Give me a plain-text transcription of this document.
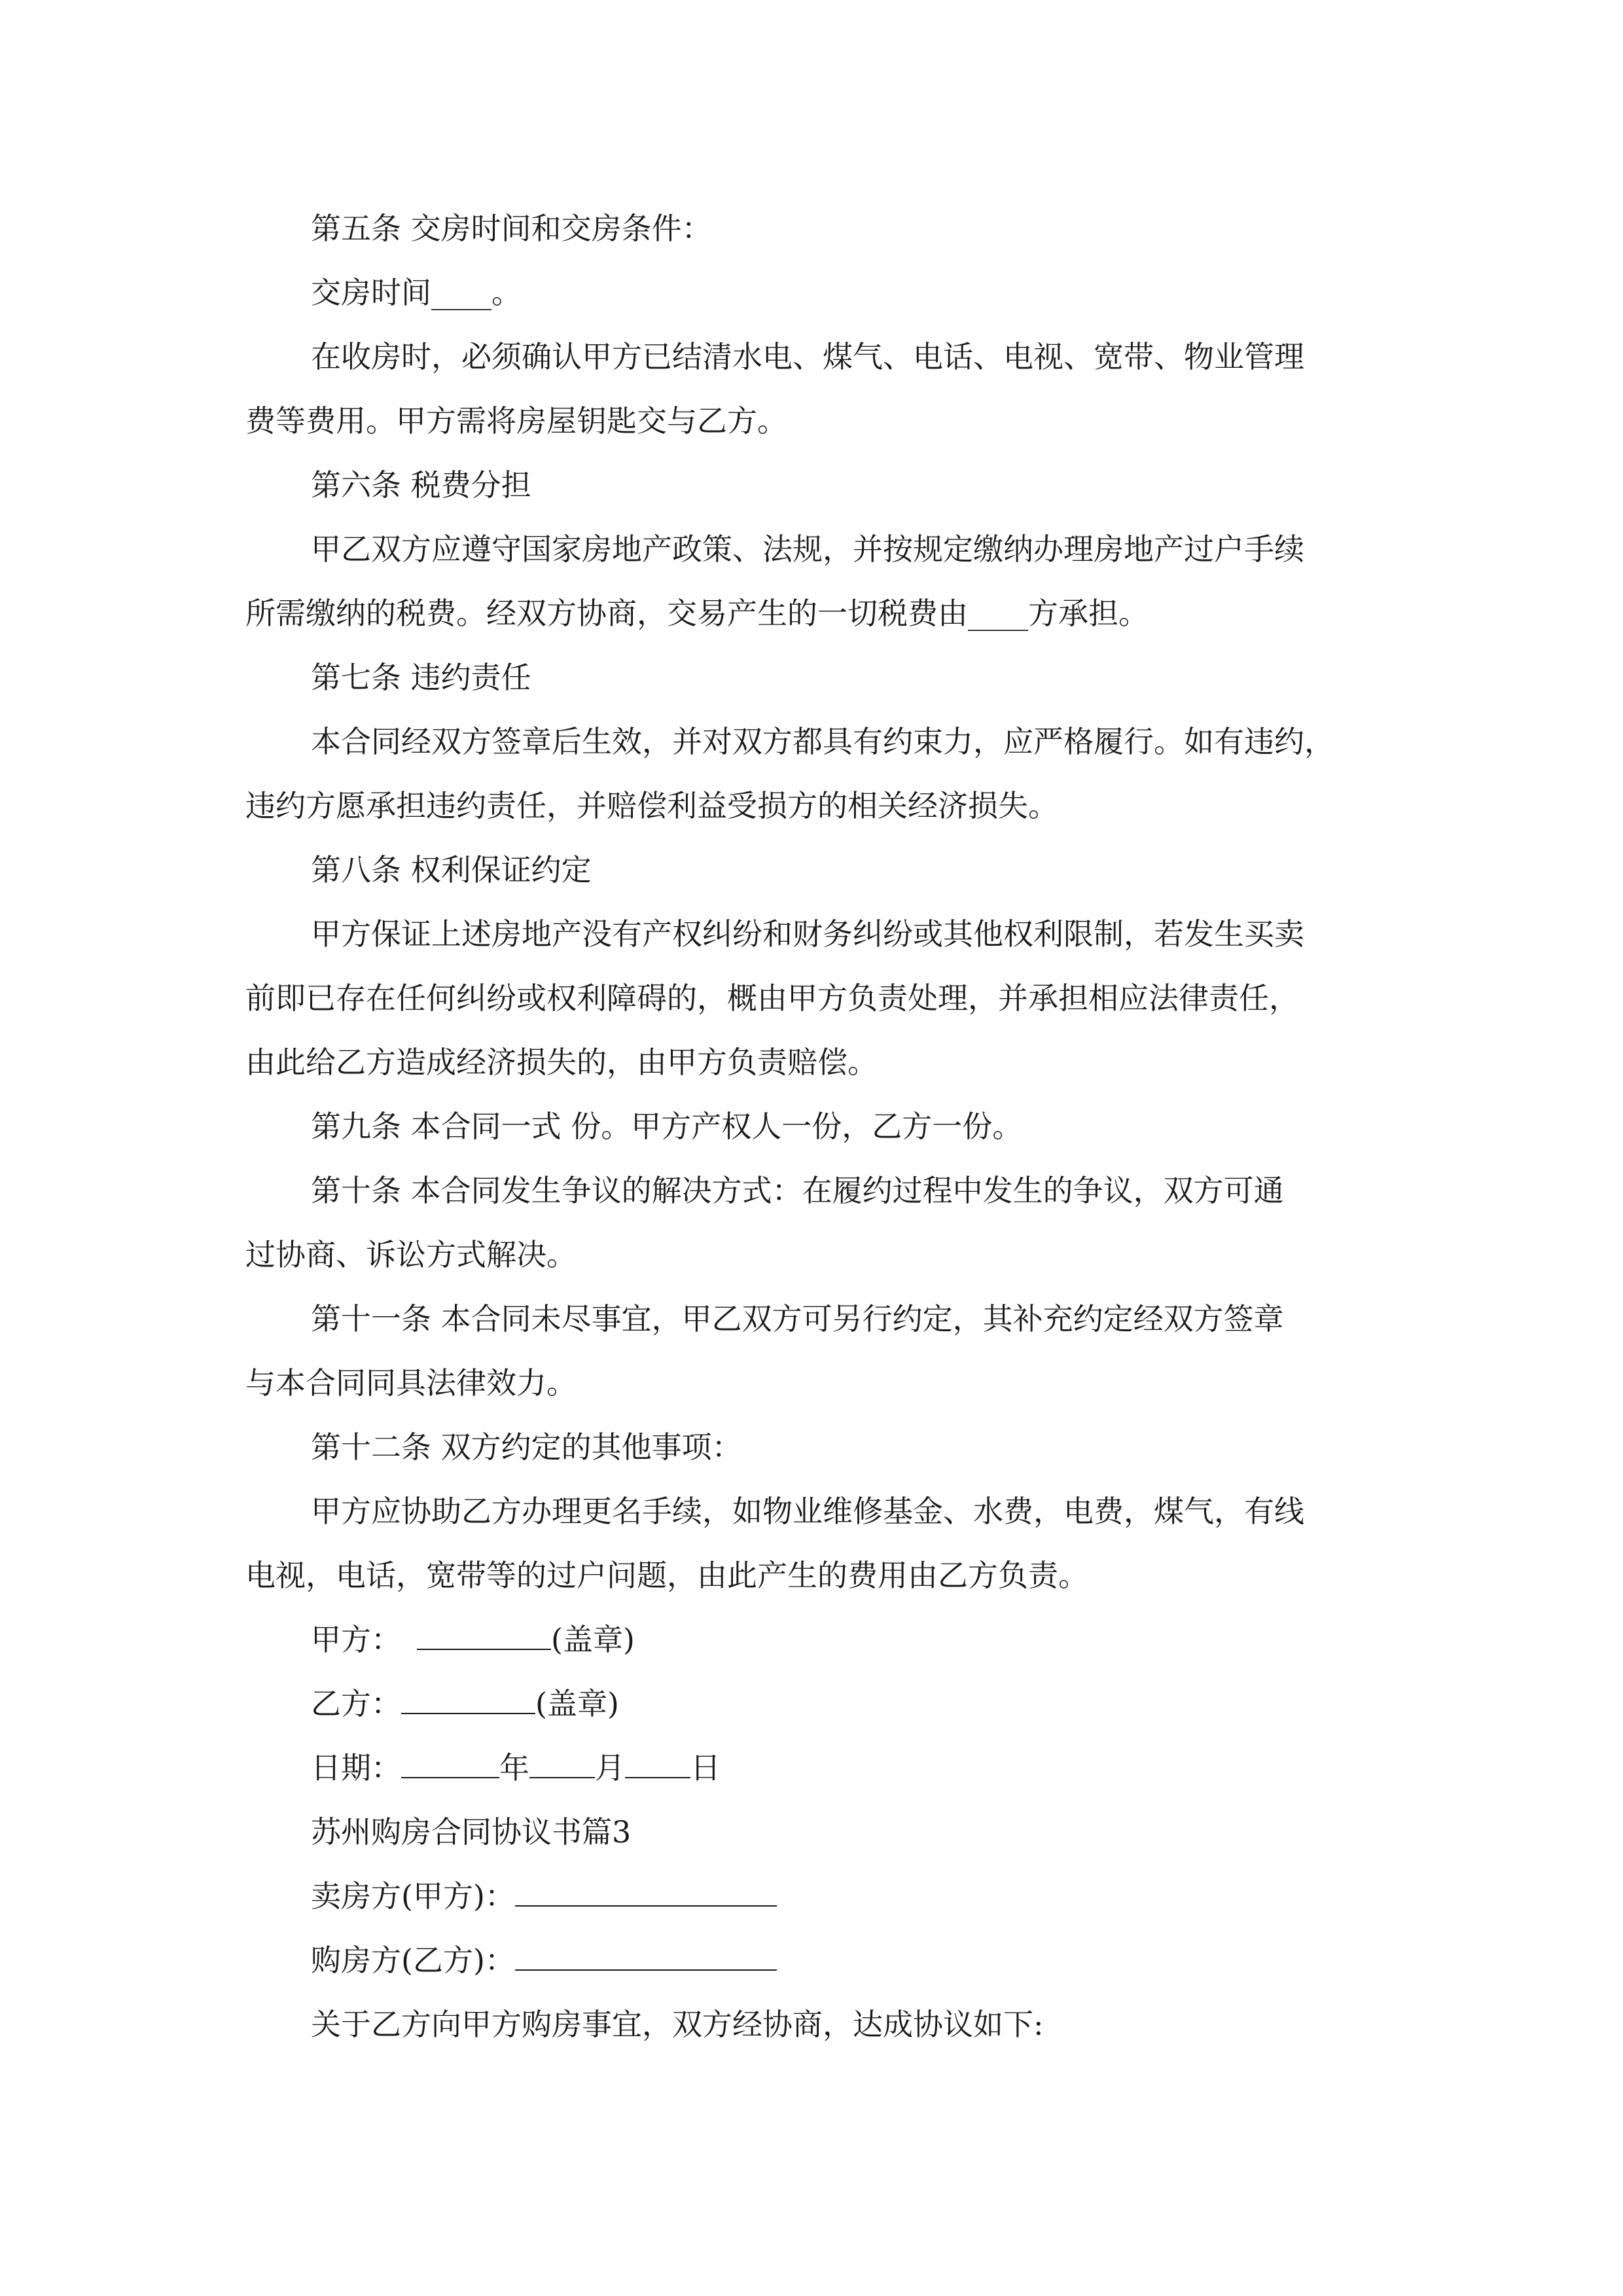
第五条 交房时间和交房条件：

交房时间____。

在收房时，必须确认甲方已结清水电、煤气、电话、电视、宽带、物业管理

费等费用。甲方需将房屋钥匙交与乙方。

第六条 税费分担

甲乙双方应遵守国家房地产政策、法规，并按规定缴纳办理房地产过户手续

所需缴纳的税费。经双方协商，交易产生的一切税费由____方承担。

第七条 违约责任

本合同经双方签章后生效，并对双方都具有约束力，应严格履行。如有违约，

违约方愿承担违约责任，并赔偿利益受损方的相关经济损失。

第八条 权利保证约定

甲方保证上述房地产没有产权纠纷和财务纠纷或其他权利限制，若发生买卖

前即已存在任何纠纷或权利障碍的，概由甲方负责处理，并承担相应法律责任，

由此给乙方造成经济损失的，由甲方负责赔偿。

第九条 本合同一式 份。甲方产权人一份，乙方一份。

第十条 本合同发生争议的解决方式：在履约过程中发生的争议，双方可通

过协商、诉讼方式解决。

第十一条 本合同未尽事宜，甲乙双方可另行约定，其补充约定经双方签章

与本合同同具法律效力。

第十二条 双方约定的其他事项：

甲方应协助乙方办理更名手续，如物业维修基金、水费，电费，煤气，有线

电视，电话，宽带等的过户问题，由此产生的费用由乙方负责。

甲方：	(盖章)

乙方：	(盖章)

日期：	年 月 日

苏州购房合同协议书篇3

卖房方(甲方)：

购房方(乙方)：

关于乙方向甲方购房事宜，双方经协商，达成协议如下:
